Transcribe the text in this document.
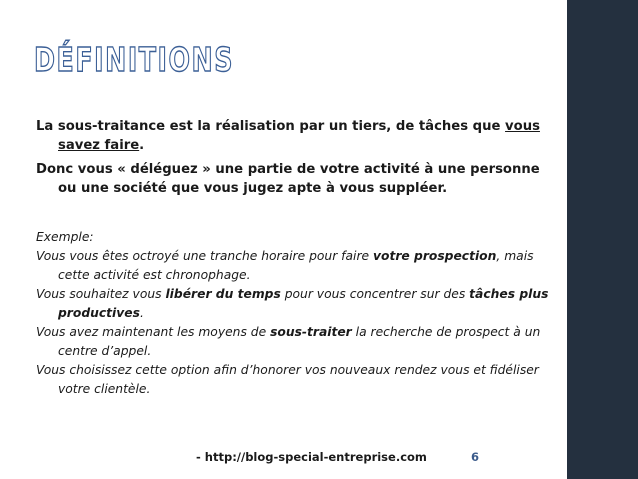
DÉFINITIONS

La sous-traitance est la réalisation par un tiers, de tâches que vous savez faire.

Donc vous « déléguez » une partie de votre activité à une personne ou une société que vous jugez apte à vous suppléer.

Exemple:

Vous vous êtes octroyé une tranche horaire pour faire votre prospection, mais cette activité est chronophage.

Vous souhaitez vous libérer du temps pour vous concentrer sur des tâches plus productives.

Vous avez maintenant les moyens de sous-traiter la recherche de prospect à un centre d’appel.

Vous choisissez cette option afin d’honorer vos nouveaux rendez vous et fidéliser votre clientèle.

- http://blog-special-entreprise.com	6
